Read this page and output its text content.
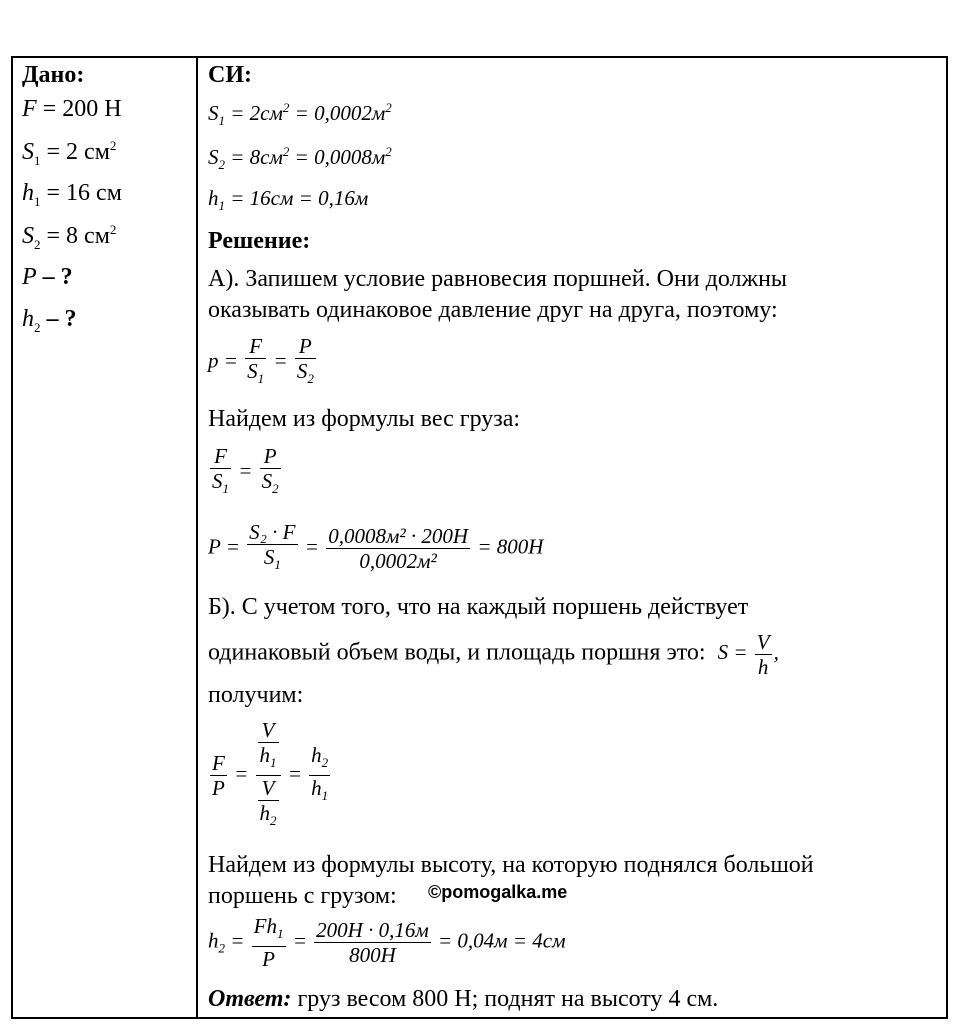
Дано:
F = 200 Н
$S_1 = 2$ $см^2$
$h_1 = 16$ см
$S_2 = 8$ $см^2$
P – ?
$h_2$ – ?
СИ:
$S_1 = 2см^2 = 0,0002м^2$
$S_2 = 8см^2 = 0,0008м^2$
$h_1 = 16см = 0,16м$
Решение:
А). Запишем условие равновесия поршней. Они должны
оказывать одинаковое давление друг на друга, поэтому:
$p = \frac{F}{S_1} = \frac{P}{S_2}$
Найдем из формулы вес груза:
$\frac{F}{S_1} = \frac{P}{S_2}$
$P = \frac{\text{S₂ · F}}{S_1} = \frac{\text{0,0008м² · 200Н}}{\text{0,0002м²}} = 800Н$
Б). С учетом того, что на каждый поршень действует
одинаковый объем воды, и площадь поршня это: $S = \frac{V}{h}$ ,
получим:
$\frac{F}{P} = \frac{\frac{V}{h_1}}{\frac{V}{h_2}} = \frac{h_2}{h_1}$
Найдем из формулы высоту, на которую поднялся большой
поршень с грузом:
$h_2 = \frac{Fh_1}{P} = \frac{200Н \cdot 0,16м}{800Н} = 0,04м = 4см$
Ответ: груз весом 800 Н; поднят на высоту 4 см.
©pomogalka.me
